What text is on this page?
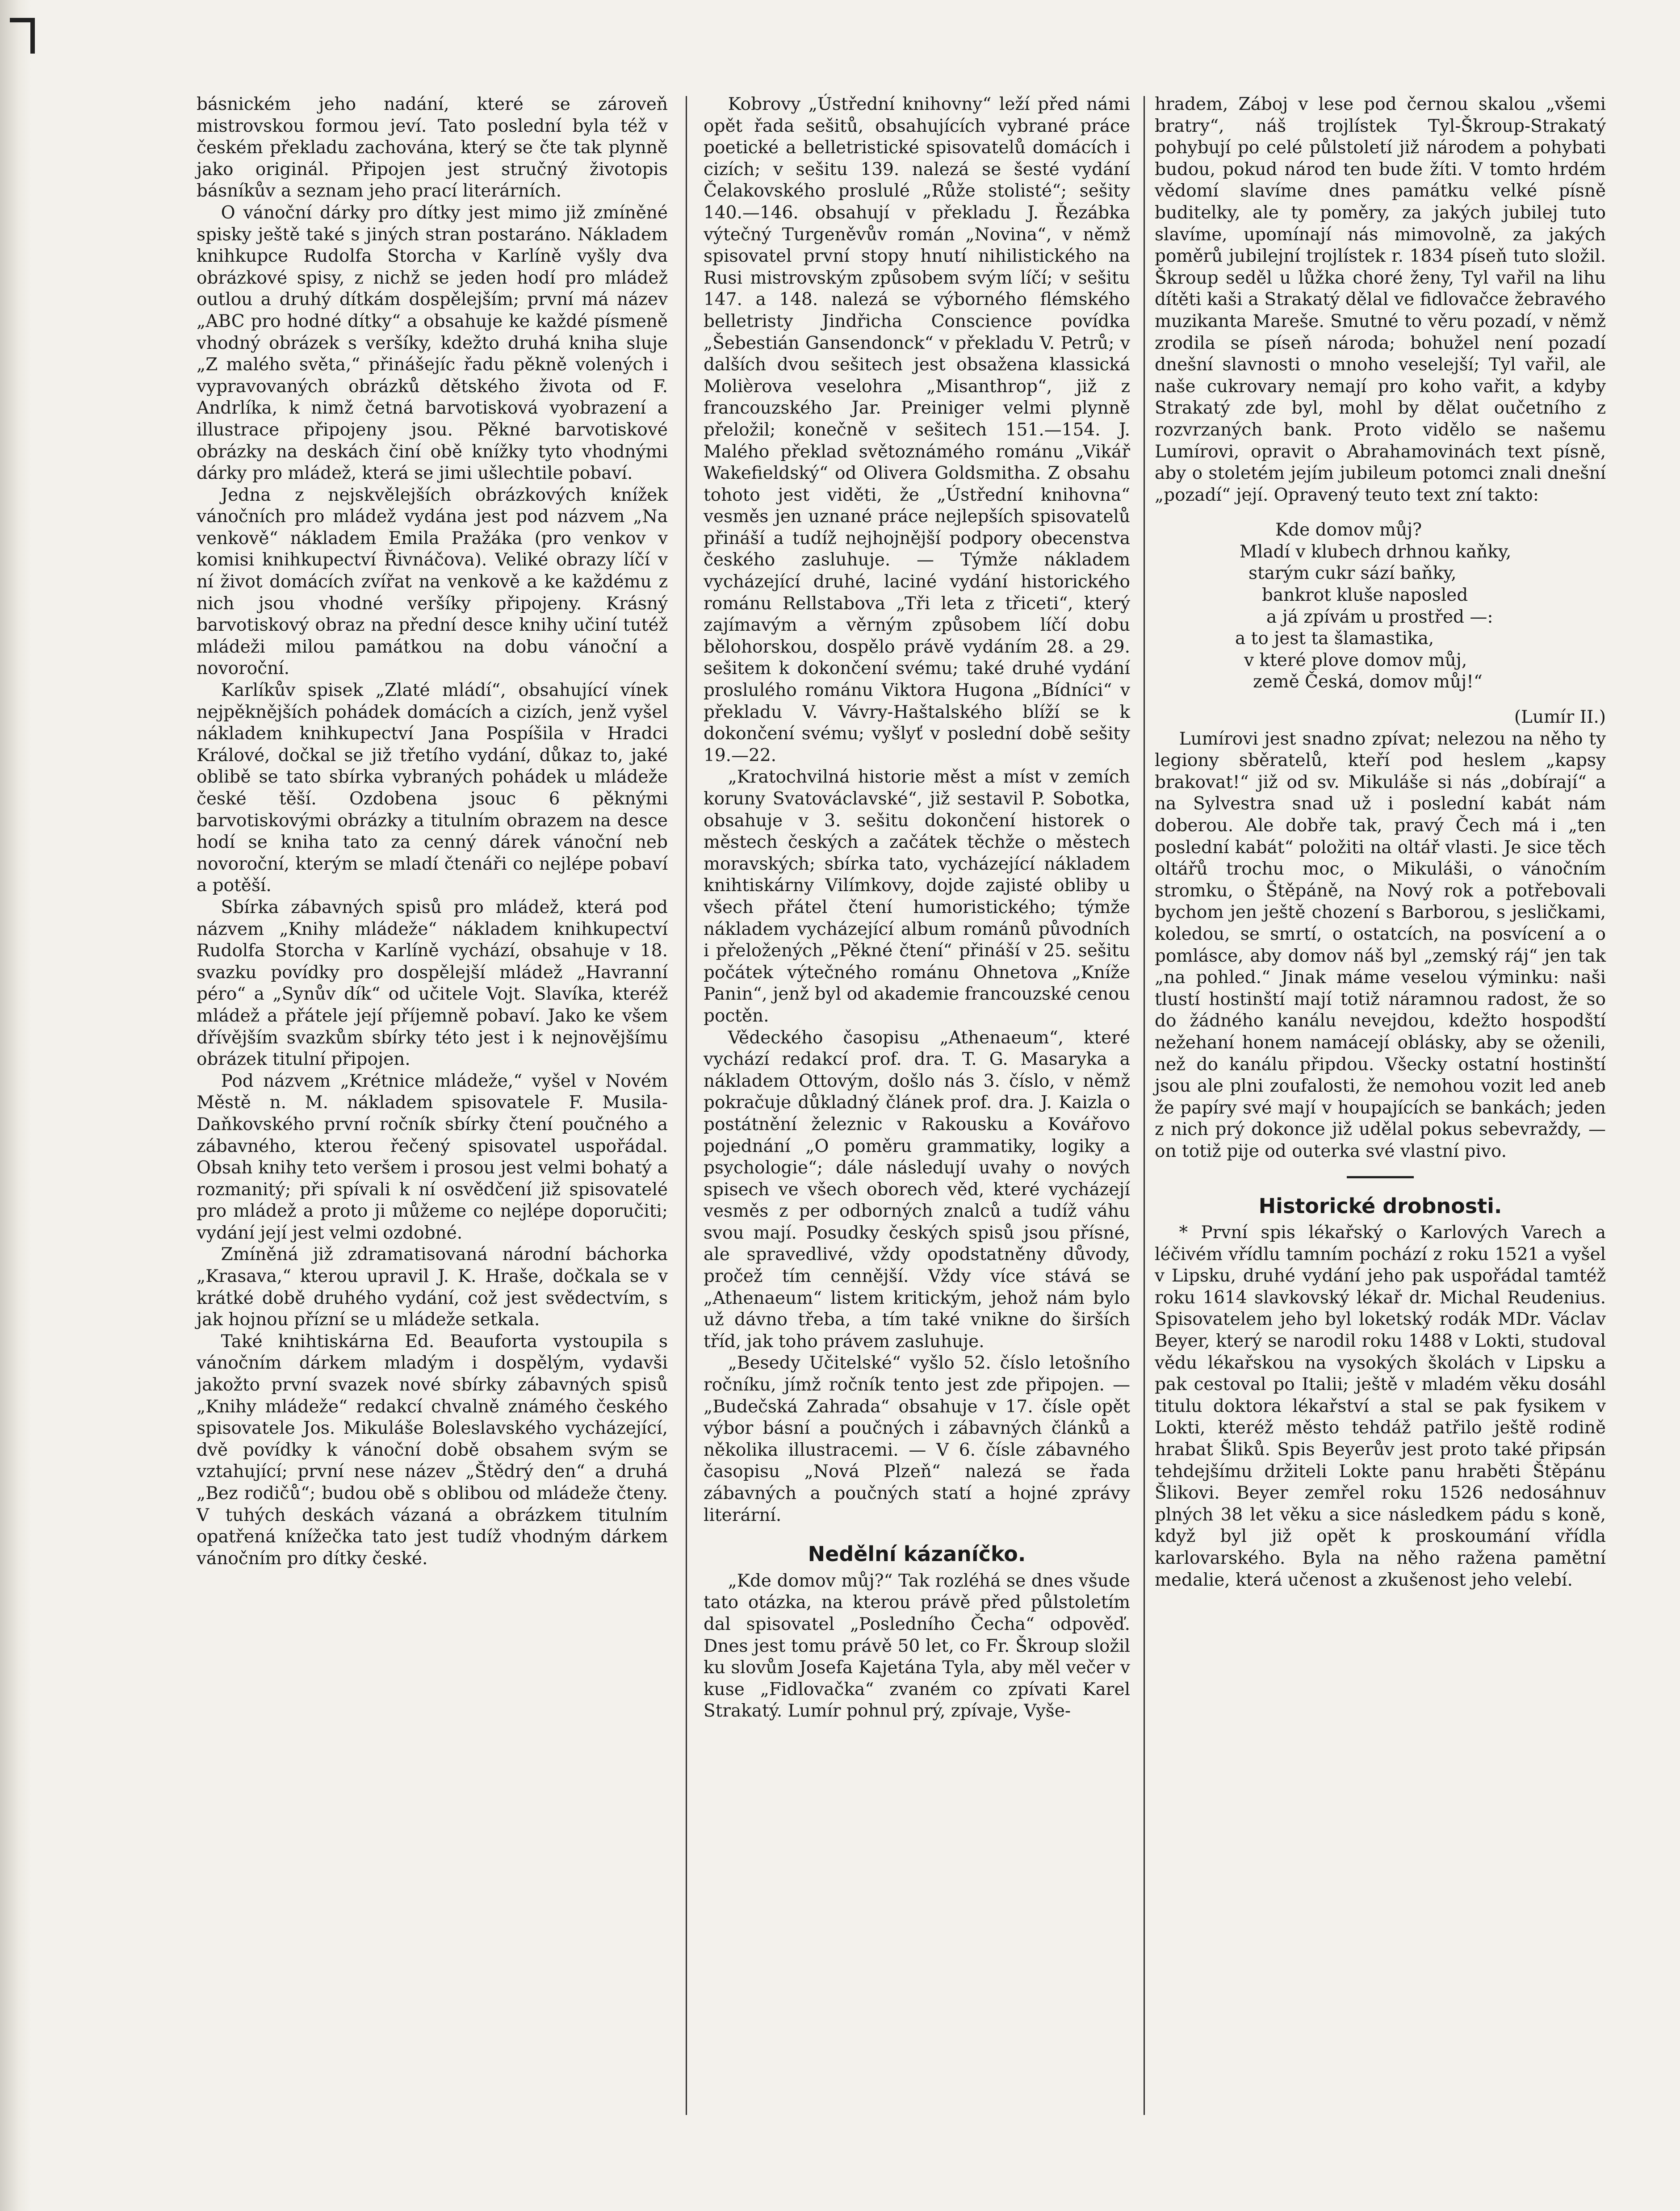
básnickém jeho nadání, které se zároveň mistrovskou formou jeví. Tato poslední byla též v českém překladu zachována, který se čte tak plynně jako originál. Připojen jest stručný životopis básníkův a seznam jeho prací literárních.

O vánoční dárky pro dítky jest mimo již zmíněné spisky ještě také s jiných stran postaráno. Nákladem knihkupce Rudolfa Storcha v Karlíně vyšly dva obrázkové spisy, z nichž se jeden hodí pro mládež outlou a druhý dítkám dospělejším; první má název „ABC pro hodné dítky“ a obsahuje ke každé písmeně vhodný obrázek s veršíky, kdežto druhá kniha sluje „Z malého světa,“ přinášejíc řadu pěkně volených i vypravovaných obrázků dětského života od F. Andrlíka, k nimž četná barvotisková vyobrazení a illustrace připojeny jsou. Pěkné barvotiskové obrázky na deskách činí obě knížky tyto vhodnými dárky pro mládež, která se jimi ušlechtile pobaví.

Jedna z nejskvělejších obrázkových knížek vánočních pro mládež vydána jest pod názvem „Na venkově“ nákladem Emila Pražáka (pro venkov v komisi knihkupectví Řivnáčova). Veliké obrazy líčí v ní život domácích zvířat na venkově a ke každému z nich jsou vhodné veršíky připojeny. Krásný barvotiskový obraz na přední desce knihy učiní tutéž mládeži milou památkou na dobu vánoční a novoroční.

Karlíkův spisek „Zlaté mládí“, obsahující vínek nejpěknějších pohádek domácích a cizích, jenž vyšel nákladem knihkupectví Jana Pospíšila v Hradci Králové, dočkal se již třetího vydání, důkaz to, jaké oblibě se tato sbírka vybraných pohádek u mládeže české těší. Ozdobena jsouc 6 pěknými barvotiskovými obrázky a titulním obrazem na desce hodí se kniha tato za cenný dárek vánoční neb novoroční, kterým se mladí čtenáři co nejlépe pobaví a potěší.

Sbírka zábavných spisů pro mládež, která pod názvem „Knihy mládeže“ nákladem knihkupectví Rudolfa Storcha v Karlíně vychází, obsahuje v 18. svazku povídky pro dospělejší mládež „Havranní péro“ a „Synův dík“ od učitele Vojt. Slavíka, kteréž mládež a přátele její příjemně pobaví. Jako ke všem dřívějším svazkům sbírky této jest i k nejnovějšímu obrázek titulní připojen.

Pod názvem „Krétnice mládeže,“ vyšel v Novém Městě n. M. nákladem spisovatele F. Musila-Daňkovského první ročník sbírky čtení poučného a zábavného, kterou řečený spisovatel uspořádal. Obsah knihy teto veršem i prosou jest velmi bohatý a rozmanitý; při spívali k ní osvědčení již spisovatelé pro mládež a proto ji můžeme co nejlépe doporučiti; vydání její jest velmi ozdobné.

Zmíněná již zdramatisovaná národní báchorka „Krasava,“ kterou upravil J. K. Hraše, dočkala se v krátké době druhého vydání, což jest svědectvím, s jak hojnou přízní se u mládeže setkala.

Také knihtiskárna Ed. Beauforta vystoupila s vánočním dárkem mladým i dospělým, vydavši jakožto první svazek nové sbírky zábavných spisů „Knihy mládeže“ redakcí chvalně známého českého spisovatele Jos. Mikuláše Boleslavského vycházející, dvě povídky k vánoční době obsahem svým se vztahující; první nese název „Štědrý den“ a druhá „Bez rodičů“; budou obě s oblibou od mládeže čteny. V tuhých deskách vázaná a obrázkem titulním opatřená knížečka tato jest tudíž vhodným dárkem vánočním pro dítky české.

Kobrovy „Ústřední knihovny“ leží před námi opět řada sešitů, obsahujících vybrané práce poetické a belletristické spisovatelů domácích i cizích; v sešitu 139. nalezá se šesté vydání Čelakovského proslulé „Růže stolisté“; sešity 140.—146. obsahují v překladu J. Řezábka výtečný Turgeněvův román „Novina“, v němž spisovatel první stopy hnutí nihilistického na Rusi mistrovským způsobem svým líčí; v sešitu 147. a 148. nalezá se výborného flémského belletristy Jindřicha Conscience povídka „Šebestián Gansendonck“ v překladu V. Petrů; v dalších dvou sešitech jest obsažena klassická Molièrova veselohra „Misanthrop“, již z francouzského Jar. Preiniger velmi plynně přeložil; konečně v sešitech 151.—154. J. Malého překlad světoznámého románu „Vikář Wakefieldský“ od Olivera Goldsmitha. Z obsahu tohoto jest viděti, že „Ústřední knihovna“ vesměs jen uznané práce nejlepších spisovatelů přináší a tudíž nejhojnější podpory obecenstva českého zasluhuje. — Týmže nákladem vycházející druhé, laciné vydání historického románu Rellstabova „Tři leta z třiceti“, který zajímavým a věrným způsobem líčí dobu bělohorskou, dospělo právě vydáním 28. a 29. sešitem k dokončení svému; také druhé vydání proslulého románu Viktora Hugona „Bídníci“ v překladu V. Vávry-Haštalského blíží se k dokončení svému; vyšlyť v poslední době sešity 19.—22.

„Kratochvilná historie měst a míst v zemích koruny Svatováclavské“, již sestavil P. Sobotka, obsahuje v 3. sešitu dokončení historek o městech českých a začátek těchže o městech moravských; sbírka tato, vycházející nákladem knihtiskárny Vilímkovy, dojde zajisté obliby u všech přátel čtení humoristického; týmže nákladem vycházející album románů původních i přeložených „Pěkné čtení“ přináší v 25. sešitu počátek výtečného románu Ohnetova „Kníže Panin“, jenž byl od akademie francouzské cenou poctěn.

Vědeckého časopisu „Athenaeum“, které vychází redakcí prof. dra. T. G. Masaryka a nákladem Ottovým, došlo nás 3. číslo, v němž pokračuje důkladný článek prof. dra. J. Kaizla o postátnění železnic v Rakousku a Kovářovo pojednání „O poměru grammatiky, logiky a psychologie“; dále následují uvahy o nových spisech ve všech oborech věd, které vycházejí vesměs z per odborných znalců a tudíž váhu svou mají. Posudky českých spisů jsou přísné, ale spravedlivé, vždy opodstatněny důvody, pročež tím cennější. Vždy více stává se „Athenaeum“ listem kritickým, jehož nám bylo už dávno třeba, a tím také vnikne do širších tříd, jak toho právem zasluhuje.

„Besedy Učitelské“ vyšlo 52. číslo letošního ročníku, jímž ročník tento jest zde připojen. — „Budečská Zahrada“ obsahuje v 17. čísle opět výbor básní a poučných i zábavných článků a několika illustracemi. — V 6. čísle zábavného časopisu „Nová Plzeň“ nalezá se řada zábavných a poučných statí a hojné zprávy literární.

Nedělní kázaníčko.

„Kde domov můj?“ Tak rozléhá se dnes všude tato otázka, na kterou právě před půlstoletím dal spisovatel „Posledního Čecha“ odpověď. Dnes jest tomu právě 50 let, co Fr. Škroup složil ku slovům Josefa Kajetána Tyla, aby měl večer v kuse „Fidlovačka“ zvaném co zpívati Karel Strakatý. Lumír pohnul prý, zpívaje, Vyše-

hradem, Záboj v lese pod černou skalou „všemi bratry“, náš trojlístek Tyl-Škroup-Strakatý pohybují po celé půlstoletí již národem a pohybati budou, pokud národ ten bude žíti. V tomto hrdém vědomí slavíme dnes památku velké písně buditelky, ale ty poměry, za jakých jubilej tuto slavíme, upomínají nás mimovolně, za jakých poměrů jubilejní trojlístek r. 1834 píseň tuto složil. Škroup seděl u lůžka choré ženy, Tyl vařil na lihu dítěti kaši a Strakatý dělal ve fidlovačce žebravého muzikanta Mareše. Smutné to věru pozadí, v němž zrodila se píseň národa; bohužel není pozadí dnešní slavnosti o mnoho veselejší; Tyl vařil, ale naše cukrovary nemají pro koho vařit, a kdyby Strakatý zde byl, mohl by dělat oučetního z rozvrzaných bank. Proto vidělo se našemu Lumírovi, opravit o Abrahamovinách text písně, aby o stoletém jejím jubileum potomci znali dnešní „pozadí“ její. Opravený teuto text zní takto:

Kde domov můj?
Mladí v klubech drhnou kaňky,
starým cukr sází baňky,
bankrot kluše naposled
a já zpívám u prostřed —:
a to jest ta šlamastika,
v které plove domov můj,
země Česká, domov můj!“

(Lumír II.)

Lumírovi jest snadno zpívat; nelezou na něho ty legiony sběratelů, kteří pod heslem „kapsy brakovat!“ již od sv. Mikuláše si nás „dobírají“ a na Sylvestra snad už i poslední kabát nám doberou. Ale dobře tak, pravý Čech má i „ten poslední kabát“ položiti na oltář vlasti. Je sice těch oltářů trochu moc, o Mikuláši, o vánočním stromku, o Štěpáně, na Nový rok a potřebovali bychom jen ještě chození s Barborou, s jesličkami, koledou, se smrtí, o ostatcích, na posvícení a o pomlásce, aby domov náš byl „zemský ráj“ jen tak „na pohled.“ Jinak máme veselou výminku: naši tlustí hostinští mají totiž náramnou radost, že so do žádného kanálu nevejdou, kdežto hospodští nežehaní honem namácejí oblásky, aby se oženili, než do kanálu připdou. Všecky ostatní hostinští jsou ale plni zoufalosti, že nemohou vozit led aneb že papíry své mají v houpajících se bankách; jeden z nich prý dokonce již udělal pokus sebevraždy, — on totiž pije od outerka své vlastní pivo.

Historické drobnosti.

* První spis lékařský o Karlových Varech a léčivém vřídlu tamním pochází z roku 1521 a vyšel v Lipsku, druhé vydání jeho pak uspořádal tamtéž roku 1614 slavkovský lékař dr. Michal Reudenius. Spisovatelem jeho byl loketský rodák MDr. Václav Beyer, který se narodil roku 1488 v Lokti, studoval vědu lékařskou na vysokých školách v Lipsku a pak cestoval po Italii; ještě v mladém věku dosáhl titulu doktora lékařství a stal se pak fysikem v Lokti, kteréž město tehdáž patřilo ještě rodině hrabat Šliků. Spis Beyerův jest proto také připsán tehdejšímu držiteli Lokte panu hraběti Štěpánu Šlikovi. Beyer zemřel roku 1526 nedosáhnuv plných 38 let věku a sice následkem pádu s koně, když byl již opět k proskoumání vřídla karlovarského. Byla na něho ražena pamětní medalie, která učenost a zkušenost jeho velebí.
